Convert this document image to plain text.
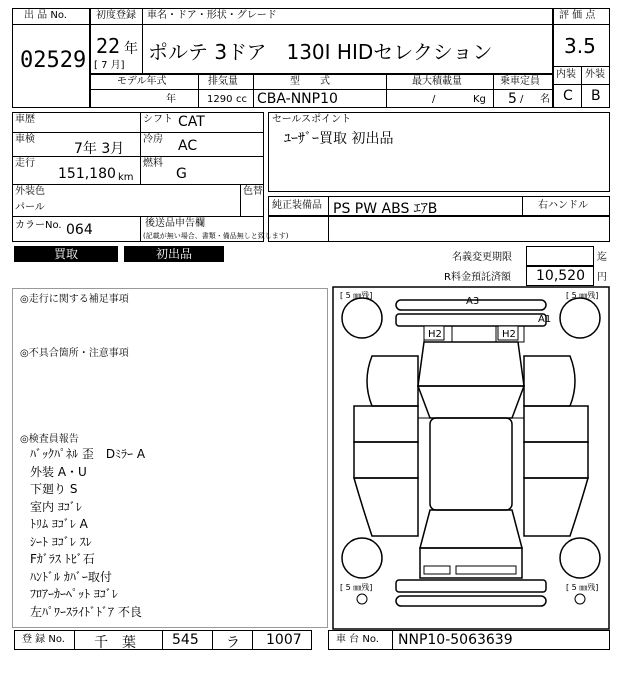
出 品 No.
02529
初度登録 車名・ドア・形状・グレード
22 年
[ 7 月]
ポルテ 3ドア　130I HIDセレクション
評 価 点
3.5
内装 外装
C B
モデル年式	排気量	型　　式	最大積載量	乗車定員
年	1290 cc CBA-NNP10	/	Kg 5 / 名
車歴	シフト CAT
車検
7年 3月
冷房 AC
走行
151,180 km
燃料
G
外装色
パール
色替
カラーNo. 064	後送品申告欄
(記載が無い場合、書類・備品無しと致します)
セールスポイント
ﾕｰｻﾞｰ買取 初出品
純正装備品 PS PW ABS ｴｱB	右ハンドル
買取	初出品	名義変更期限	迄
R料金預託済額 10,520 円
◎走行に関する補足事項
◎不具合箇所・注意事項
◎検査員報告
ﾊﾞｯｸﾊﾟﾈﾙ 歪　Dﾐﾗｰ A
外装 A・U
下廻り S
室内 ﾖｺﾞﾚ
ﾄﾘﾑ ﾖｺﾞﾚ A
ｼｰﾄ ﾖｺﾞﾚ ｽﾚ
Fｶﾞﾗｽ ﾄﾋﾞ石
ﾊﾝﾄﾞﾙ ｶﾊﾞｰ取付
ﾌﾛｱｰｶｰﾍﾟｯﾄ ﾖｺﾞﾚ
左ﾊﾟﾜｰｽﾗｲﾄﾞﾄﾞｱ 不良
[ 5 ㎜残]	[ 5 ㎜残]
[ 5 ㎜残]	[ 5 ㎜残]
A3
A1
H2	H2
登 録 No. 千　葉	545 ラ 1007	車 台 No. NNP10-5063639
